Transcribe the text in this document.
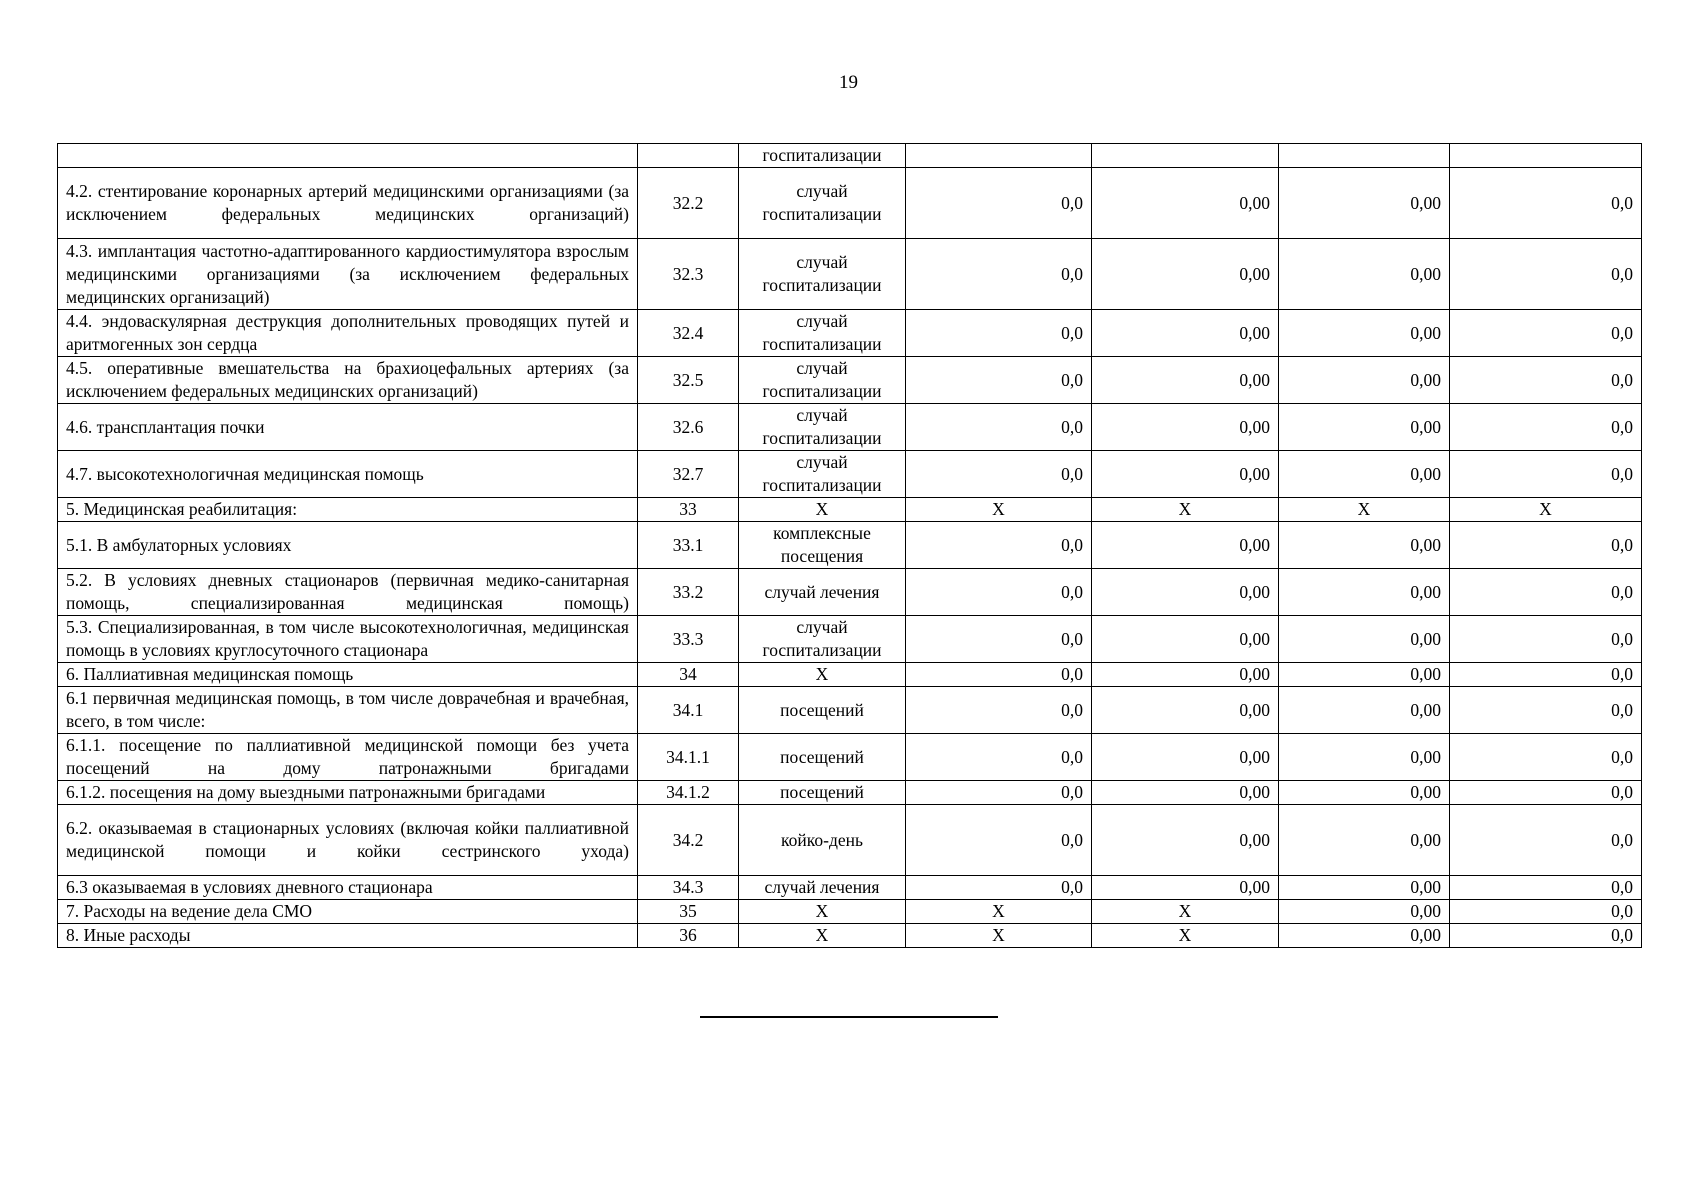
19
		госпитализации				
4.2. стентирование коронарных артерий медицинскими организациями (за исключением федеральных медицинских организаций)	32.2	случай госпитализации	0,0	0,00	0,00	0,0
4.3. имплантация частотно-адаптированного кардиостимулятора взрослым медицинскими организациями (за исключением федеральных медицинских организаций)	32.3	случай госпитализации	0,0	0,00	0,00	0,0
4.4. эндоваскулярная деструкция дополнительных проводящих путей и аритмогенных зон сердца	32.4	случай госпитализации	0,0	0,00	0,00	0,0
4.5. оперативные вмешательства на брахиоцефальных артериях (за исключением федеральных медицинских организаций)	32.5	случай госпитализации	0,0	0,00	0,00	0,0
4.6. трансплантация почки	32.6	случай госпитализации	0,0	0,00	0,00	0,0
4.7. высокотехнологичная медицинская помощь	32.7	случай госпитализации	0,0	0,00	0,00	0,0
5. Медицинская реабилитация:	33	Х	Х	Х	Х	Х
5.1. В амбулаторных условиях	33.1	комплексные посещения	0,0	0,00	0,00	0,0
5.2. В условиях дневных стационаров (первичная медико-санитарная помощь, специализированная медицинская помощь)	33.2	случай лечения	0,0	0,00	0,00	0,0
5.3. Специализированная, в том числе высокотехнологичная, медицинская помощь в условиях круглосуточного стационара	33.3	случай госпитализации	0,0	0,00	0,00	0,0
6. Паллиативная медицинская помощь	34	Х	0,0	0,00	0,00	0,0
6.1 первичная медицинская помощь, в том числе доврачебная и врачебная, всего, в том числе:	34.1	посещений	0,0	0,00	0,00	0,0
6.1.1. посещение по паллиативной медицинской помощи без учета посещений на дому патронажными бригадами	34.1.1	посещений	0,0	0,00	0,00	0,0
6.1.2. посещения на дому выездными патронажными бригадами	34.1.2	посещений	0,0	0,00	0,00	0,0
6.2. оказываемая в стационарных условиях (включая койки паллиативной медицинской помощи и койки сестринского ухода)	34.2	койко-день	0,0	0,00	0,00	0,0
6.3 оказываемая в условиях дневного стационара	34.3	случай лечения	0,0	0,00	0,00	0,0
7. Расходы на ведение дела СМО	35	Х	Х	Х	0,00	0,0
8. Иные расходы	36	Х	Х	Х	0,00	0,0
